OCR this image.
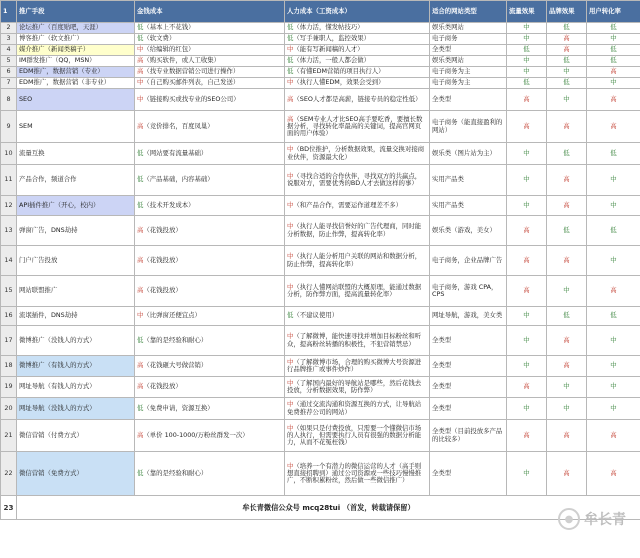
1	推广手段	金钱成本	人力成本（工资成本）	适合的网站类型	流量效果	品牌效果	用户转化率
2	论坛推广（百度贴吧，天涯）	低（基本上不花钱）	低（体力活，懂发帖技巧）	娱乐类网站	中	低	低
3	博客推广（软文推广）	低（软文费）	低（写手兼职人，监控效果）	电子商务	中	高	中
4	媒介推广（新闻类稿子）	中（给编辑的红包）	中（能有写新闻稿的人才）	全类型	低	高	低
5	IM群发推广（QQ，MSN）	高（购买软件，或人工收集）	低（体力活，一般人都会做）	娱乐类网站	中	低	低
6	EDM推广，数据营销（专业）	高（找专业数据营销公司进行操作）	低（有懂EDM营销的项目执行人）	电子商务为主	中	中	高
7	EDM推广，数据营销（非专业）	中（自己购买邮件列表，自己发送）	中（执行人懂EDM，效果会受到）	电子商务为主	低	低	中
8	SEO	中（链接购买或找专业的SEO公司）	高（SEO人才都是高薪，链接专员的稳定性低）	全类型	高	中	高
9	SEM	高（竞价排名，百度凤巢）	高（SEM专业人才比SEO高手要吃香，要擅长数据分析，寻找转化率最高的关键词，提高官网页面的用户体验）	电子商务（能直接盈利的网站）	高	高	高
10	流量互换	低（网站要有流量基础）	中（BD位推护，分析数据效果，流量交换对接商业伙伴，资源最大化）	娱乐类（图片站为主）	中	低	低
11	产品合作，频道合作	低（产品基础，内容基础）	中（寻找合适的合作伙伴，寻找双方的共赢点，说服对方，需要优秀的BD人才去做这样的事）	实用产品类	中	高	中
12	API插件推广（开心，校内）	低（技术开发成本）	中（和产品合作，需要运作道理差不多）	实用产品类	中	高	中
13	弹窗广告，DNS劫持	高（花钱投放）	中（执行人能寻找信誉好的广告代理商，同时能分析数据，防止作弊，提高转化率）	娱乐类（游戏，美女）	高	低	低
14	门户广告投放	高（花钱投放）	中（执行人能分析用户关联的网站和数据分析，防止作弊，提高转化率）	电子商务，企业品牌广告	高	高	中
15	网站联盟推广	高（花钱投放）	中（执行人懂网站联盟的大概原理，能通过数据分析，防作弊方面，提高流量转化率）	电子商务，游戏 CPA，CPS	高	中	高
16	流氓插件，DNS劫持	中（比弹窗还便宜点）	低（不建议使用）	网址导航，游戏，美女类	中	低	低
17	微博推广（没钱人的方式）	低（靠的是经验和耐心）	中（了解微博，能快速寻找并增加目标粉丝和听众，提高粉丝转播的积极性，不犯营销禁忌）	全类型	中	高	中
18	微博推广（有钱人的方式）	高（花钱砸大号做营销）	中（了解微博市场，合理的购买微博大号资源进行品牌推广或事件炒作）	全类型	中	高	中
19	网址导航（有钱人的方式）	高（花钱投放）	中（了解国内最好的导航站是哪些，然后花钱去投放，分析数据效果，防作弊）	全类型	高	中	中
20	网址导航（没钱人的方式）	低（免费申请，资源互换）	中（通过交流沟通和资源互换的方式，让导航站免费推荐公司的网站）	全类型	中	中	中
21	微信营销（付费方式）	高（单价 100-1000/万粉丝群发一次）	中（如果只是付费投放，只需要一个懂微信市场的人执行，但需要执行人员有很强的数据分析能力，从而不花冤枉钱）	全类型（目前投放多产品的比较多）	高	高	高
22	微信营销（免费方式）	低（靠的是经验和耐心）	中（培养一个有潜力的微信运营的人才（高手则想直接招聘到）通过公司资源或一些技巧慢慢推广，不断积累粉丝，然后做一些微信推广）	全类型	中	高	高
23	牟长青微信公众号 mcq28tui （首发，转载请保留）						
● 牟长青
